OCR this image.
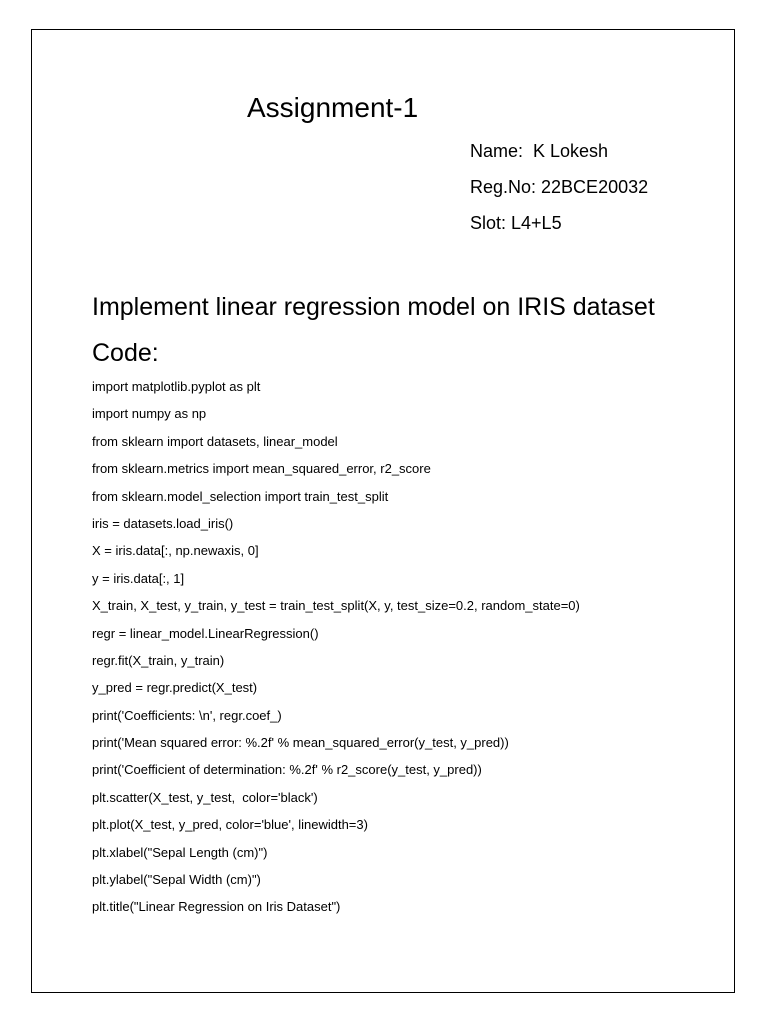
Assignment-1
Name:  K Lokesh
Reg.No: 22BCE20032
Slot: L4+L5
Implement linear regression model on IRIS dataset
Code:
import matplotlib.pyplot as plt
import numpy as np
from sklearn import datasets, linear_model
from sklearn.metrics import mean_squared_error, r2_score
from sklearn.model_selection import train_test_split
iris = datasets.load_iris()
X = iris.data[:, np.newaxis, 0]
y = iris.data[:, 1]
X_train, X_test, y_train, y_test = train_test_split(X, y, test_size=0.2, random_state=0)
regr = linear_model.LinearRegression()
regr.fit(X_train, y_train)
y_pred = regr.predict(X_test)
print('Coefficients: \n', regr.coef_)
print('Mean squared error: %.2f' % mean_squared_error(y_test, y_pred))
print('Coefficient of determination: %.2f' % r2_score(y_test, y_pred))
plt.scatter(X_test, y_test,  color='black')
plt.plot(X_test, y_pred, color='blue', linewidth=3)
plt.xlabel("Sepal Length (cm)")
plt.ylabel("Sepal Width (cm)")
plt.title("Linear Regression on Iris Dataset")
